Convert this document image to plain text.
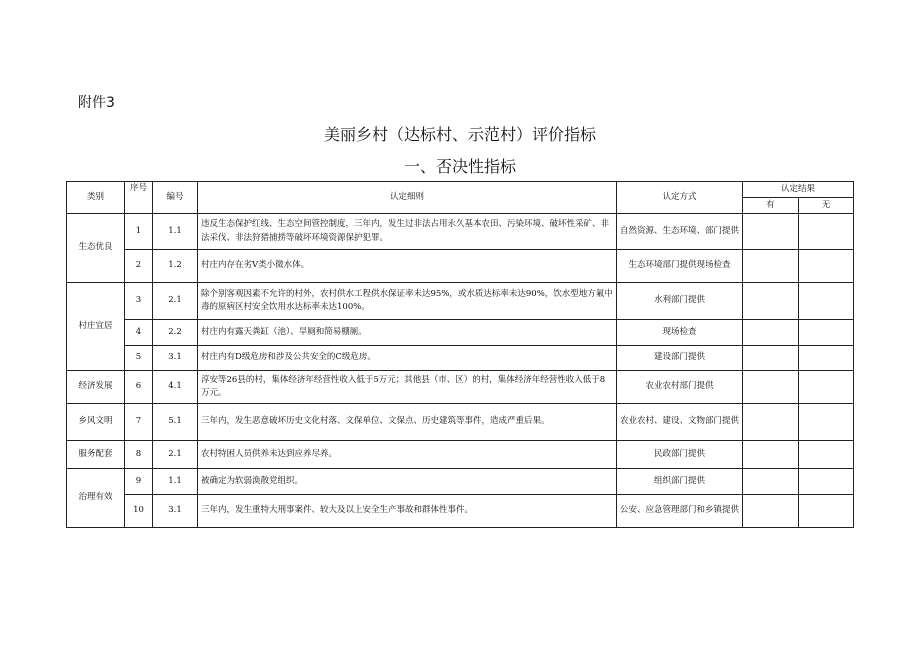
附件3
美丽乡村（达标村、示范村）评价指标
一、否决性指标
类别	序号	编号	认定细则	认定方式	认定结果	
					有	无
生态优良	1	1.1	违反生态保护红线、生态空间管控制度，三年内，发生过非法占用永久基本农田、污染环境、破坏性采矿、非法采伐、非法狩猎捕捞等破坏环境资源保护犯罪。	自然资源、生态环境、部门提供		
	2	1.2	村庄内存在劣V类小微水体。	生态环境部门提供现场检查		
村庄宜居	3	2.1	除个别客观因素不允许的村外，农村供水工程供水保证率未达95%，或水质达标率未达90%，饮水型地方氟中毒的原病区村安全饮用水达标率未达100%。	水利部门提供		
	4	2.2	村庄内有露天粪缸（池）、旱厕和简易棚厕。	现场检查		
	5	3.1	村庄内有D级危房和涉及公共安全的C级危房。	建设部门提供		
经济发展	6	4.1	淳安等26县的村，集体经济年经营性收入低于5万元；其他县（市、区）的村，集体经济年经营性收入低于8万元。	农业农村部门提供		
乡风文明	7	5.1	三年内，发生恶意破坏历史文化村落、文保单位、文保点、历史建筑等事件，造成严重后果。	农业农村、建设、文物部门提供		
服务配套	8	2.1	农村特困人员供养未达到应养尽养。	民政部门提供		
治理有效	9	1.1	被确定为软弱涣散党组织。	组织部门提供		
	10	3.1	三年内，发生重特大刑事案件、较大及以上安全生产事故和群体性事件。	公安、应急管理部门和乡镇提供		
